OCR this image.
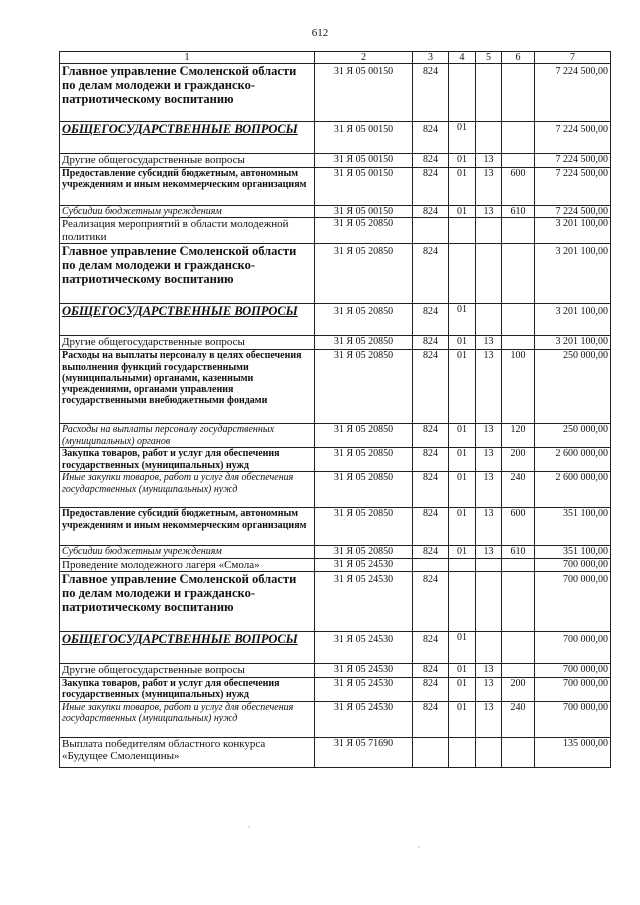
612
1	2	3	4	5	6	7
Главное управление Смоленской области по делам молодежи и гражданско-патриотическому воспитанию	31 Я 05 00150	824				7 224 500,00
ОБЩЕГОСУДАРСТВЕННЫЕ ВОПРОСЫ	31 Я 05 00150	824	01			7 224 500,00
Другие общегосударственные вопросы	31 Я 05 00150	824	01	13		7 224 500,00
Предоставление субсидий бюджетным, автономным учреждениям и иным некоммерческим организациям	31 Я 05 00150	824	01	13	600	7 224 500,00
Субсидии бюджетным учреждениям	31 Я 05 00150	824	01	13	610	7 224 500,00
Реализация мероприятий в области молодежной политики	31 Я 05 20850					3 201 100,00
Главное управление Смоленской области по делам молодежи и гражданско-патриотическому воспитанию	31 Я 05 20850	824				3 201 100,00
ОБЩЕГОСУДАРСТВЕННЫЕ ВОПРОСЫ	31 Я 05 20850	824	01			3 201 100,00
Другие общегосударственные вопросы	31 Я 05 20850	824	01	13		3 201 100,00
Расходы на выплаты персоналу в целях обеспечения выполнения функций государственными (муниципальными) органами, казенными учреждениями, органами управления государственными внебюджетными фондами	31 Я 05 20850	824	01	13	100	250 000,00
Расходы на выплаты персоналу государственных (муниципальных) органов	31 Я 05 20850	824	01	13	120	250 000,00
Закупка товаров, работ и услуг для обеспечения государственных (муниципальных) нужд	31 Я 05 20850	824	01	13	200	2 600 000,00
Иные закупки товаров, работ и услуг для обеспечения государственных (муниципальных) нужд	31 Я 05 20850	824	01	13	240	2 600 000,00
Предоставление субсидий бюджетным, автономным учреждениям и иным некоммерческим организациям	31 Я 05 20850	824	01	13	600	351 100,00
Субсидии бюджетным учреждениям	31 Я 05 20850	824	01	13	610	351 100,00
Проведение молодежного лагеря «Смола»	31 Я 05 24530					700 000,00
Главное управление Смоленской области по делам молодежи и гражданско-патриотическому воспитанию	31 Я 05 24530	824				700 000,00
ОБЩЕГОСУДАРСТВЕННЫЕ ВОПРОСЫ	31 Я 05 24530	824	01			700 000,00
Другие общегосударственные вопросы	31 Я 05 24530	824	01	13		700 000,00
Закупка товаров, работ и услуг для обеспечения государственных (муниципальных) нужд	31 Я 05 24530	824	01	13	200	700 000,00
Иные закупки товаров, работ и услуг для обеспечения государственных (муниципальных) нужд	31 Я 05 24530	824	01	13	240	700 000,00
Выплата победителям областного конкурса «Будущее Смоленщины»	31 Я 05 71690					135 000,00
